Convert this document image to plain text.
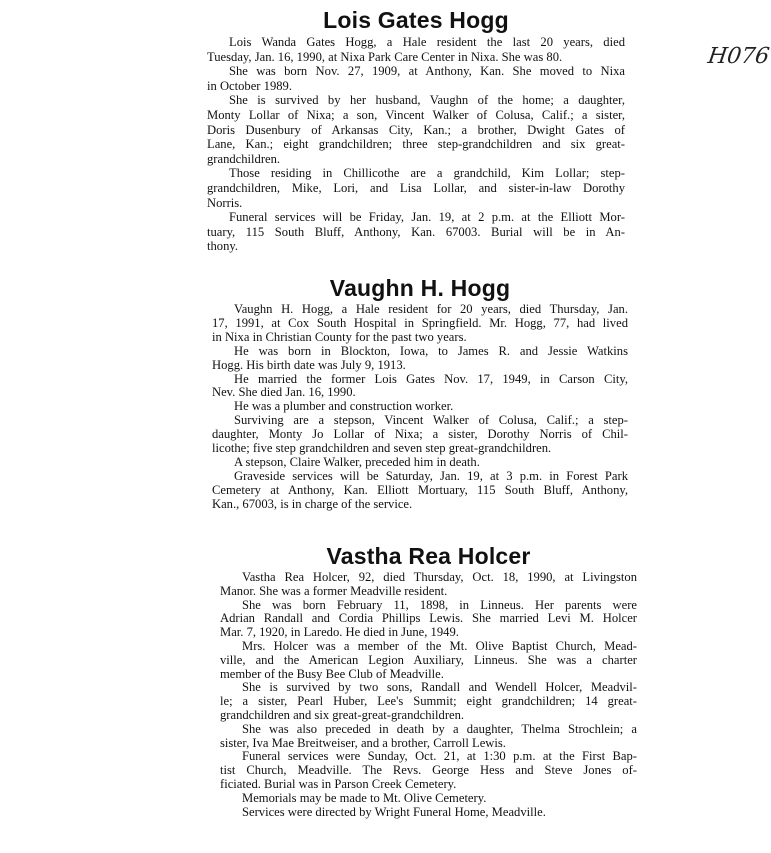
H076
Lois Gates Hogg
Lois Wanda Gates Hogg, a Hale resident the last 20 years, died
Tuesday, Jan. 16, 1990, at Nixa Park Care Center in Nixa. She was 80.
She was born Nov. 27, 1909, at Anthony, Kan. She moved to Nixa
in October 1989.
She is survived by her husband, Vaughn of the home; a daughter,
Monty Lollar of Nixa; a son, Vincent Walker of Colusa, Calif.; a sister,
Doris Dusenbury of Arkansas City, Kan.; a brother, Dwight Gates of
Lane, Kan.; eight grandchildren; three step-grandchildren and six great-
grandchildren.
Those residing in Chillicothe are a grandchild, Kim Lollar; step-
grandchildren, Mike, Lori, and Lisa Lollar, and sister-in-law Dorothy
Norris.
Funeral services will be Friday, Jan. 19, at 2 p.m. at the Elliott Mor-
tuary, 115 South Bluff, Anthony, Kan. 67003. Burial will be in An-
thony.
Vaughn H. Hogg
Vaughn H. Hogg, a Hale resident for 20 years, died Thursday, Jan.
17, 1991, at Cox South Hospital in Springfield. Mr. Hogg, 77, had lived
in Nixa in Christian County for the past two years.
He was born in Blockton, Iowa, to James R. and Jessie Watkins
Hogg. His birth date was July 9, 1913.
He married the former Lois Gates Nov. 17, 1949, in Carson City,
Nev. She died Jan. 16, 1990.
He was a plumber and construction worker.
Surviving are a stepson, Vincent Walker of Colusa, Calif.; a step-
daughter, Monty Jo Lollar of Nixa; a sister, Dorothy Norris of Chil-
licothe; five step grandchildren and seven step great-grandchildren.
A stepson, Claire Walker, preceded him in death.
Graveside services will be Saturday, Jan. 19, at 3 p.m. in Forest Park
Cemetery at Anthony, Kan. Elliott Mortuary, 115 South Bluff, Anthony,
Kan., 67003, is in charge of the service.
Vastha Rea Holcer
Vastha Rea Holcer, 92, died Thursday, Oct. 18, 1990, at Livingston
Manor. She was a former Meadville resident.
She was born February 11, 1898, in Linneus. Her parents were
Adrian Randall and Cordia Phillips Lewis. She married Levi M. Holcer
Mar. 7, 1920, in Laredo. He died in June, 1949.
Mrs. Holcer was a member of the Mt. Olive Baptist Church, Mead-
ville, and the American Legion Auxiliary, Linneus. She was a charter
member of the Busy Bee Club of Meadville.
She is survived by two sons, Randall and Wendell Holcer, Meadvil-
le; a sister, Pearl Huber, Lee's Summit; eight grandchildren; 14 great-
grandchildren and six great-great-grandchildren.
She was also preceded in death by a daughter, Thelma Strochlein; a
sister, Iva Mae Breitweiser, and a brother, Carroll Lewis.
Funeral services were Sunday, Oct. 21, at 1:30 p.m. at the First Bap-
tist Church, Meadville. The Revs. George Hess and Steve Jones of-
ficiated. Burial was in Parson Creek Cemetery.
Memorials may be made to Mt. Olive Cemetery.
Services were directed by Wright Funeral Home, Meadville.
